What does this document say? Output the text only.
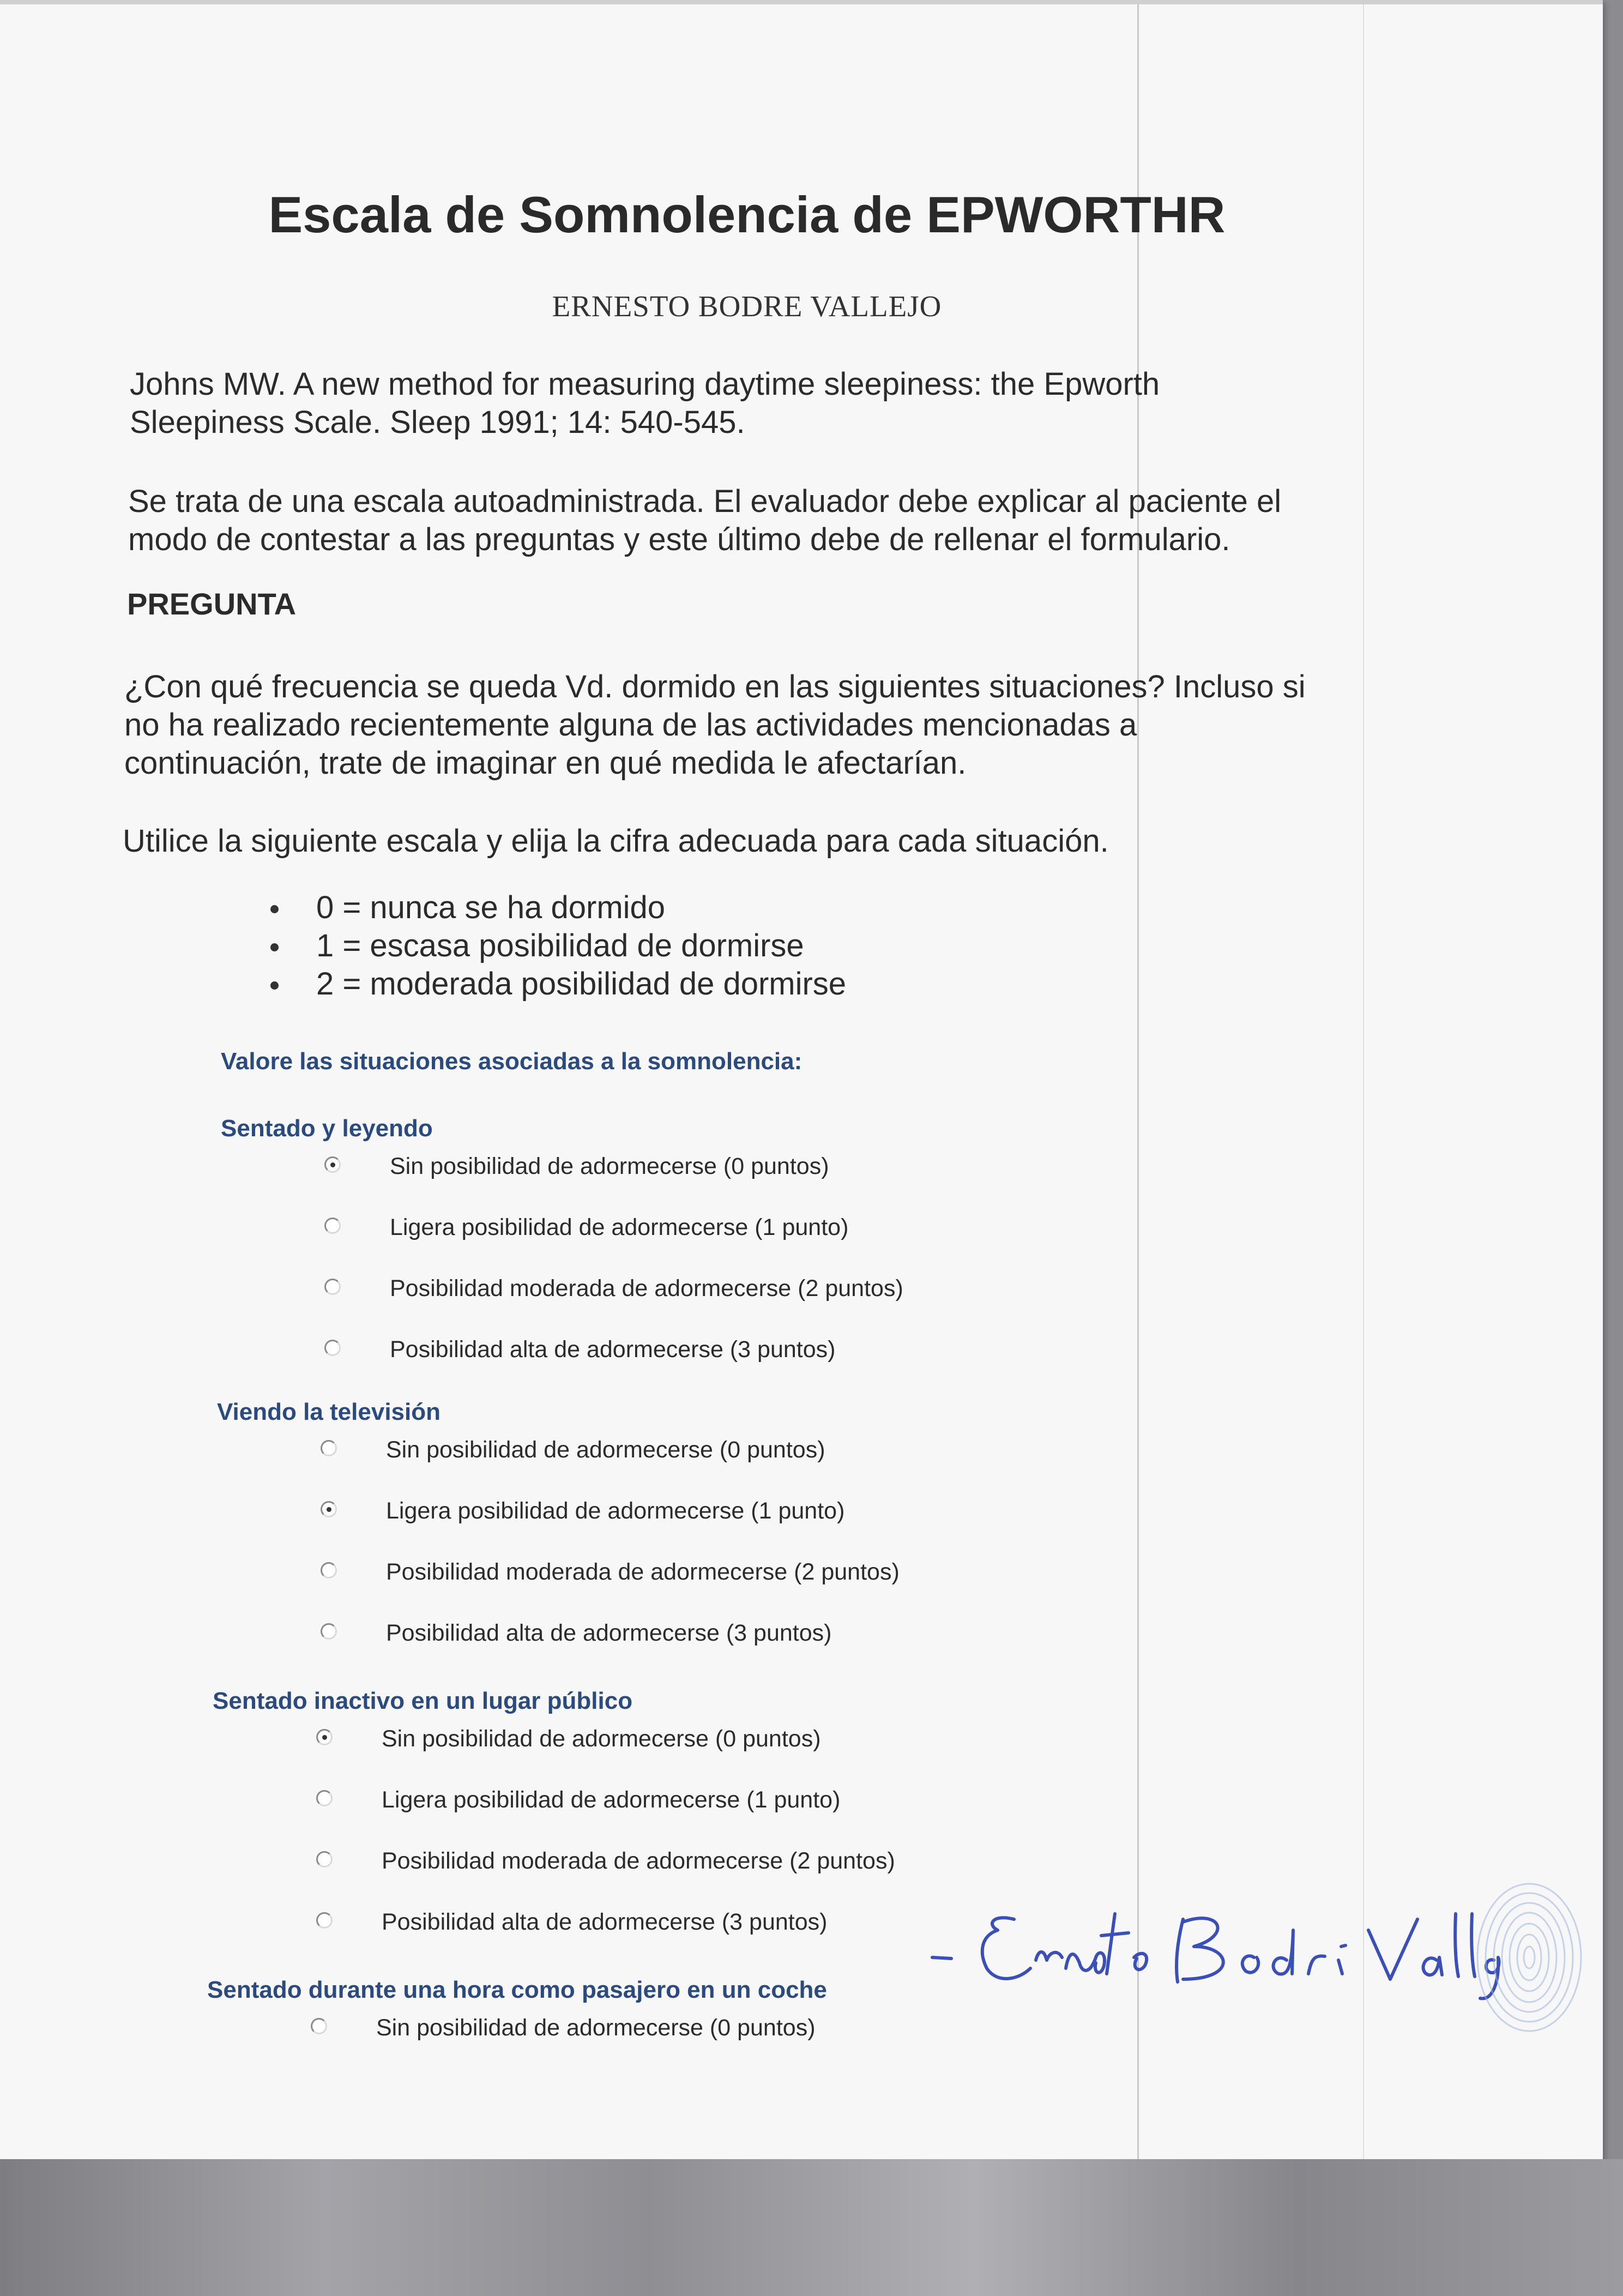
Escala de Somnolencia de EPWORTHR
ERNESTO BODRE VALLEJO

Johns MW. A new method for measuring daytime sleepiness: the Epworth
Sleepiness Scale. Sleep 1991; 14: 540-545.

Se trata de una escala autoadministrada. El evaluador debe explicar al paciente el
modo de contestar a las preguntas y este último debe de rellenar el formulario.

PREGUNTA

¿Con qué frecuencia se queda Vd. dormido en las siguientes situaciones? Incluso si
no ha realizado recientemente alguna de las actividades mencionadas a
continuación, trate de imaginar en qué medida le afectarían.

Utilice la siguiente escala y elija la cifra adecuada para cada situación.

0 = nunca se ha dormido
1 = escasa posibilidad de dormirse
2 = moderada posibilidad de dormirse
Valore las situaciones asociadas a la somnolencia:
Sentado y leyendo
Sin posibilidad de adormecerse (0 puntos)
Ligera posibilidad de adormecerse (1 punto)
Posibilidad moderada de adormecerse (2 puntos)
Posibilidad alta de adormecerse (3 puntos)
Viendo la televisión
Sin posibilidad de adormecerse (0 puntos)
Ligera posibilidad de adormecerse (1 punto)
Posibilidad moderada de adormecerse (2 puntos)
Posibilidad alta de adormecerse (3 puntos)
Sentado inactivo en un lugar público
Sin posibilidad de adormecerse (0 puntos)
Ligera posibilidad de adormecerse (1 punto)
Posibilidad moderada de adormecerse (2 puntos)
Posibilidad alta de adormecerse (3 puntos)
Sentado durante una hora como pasajero en un coche
Sin posibilidad de adormecerse (0 puntos)
